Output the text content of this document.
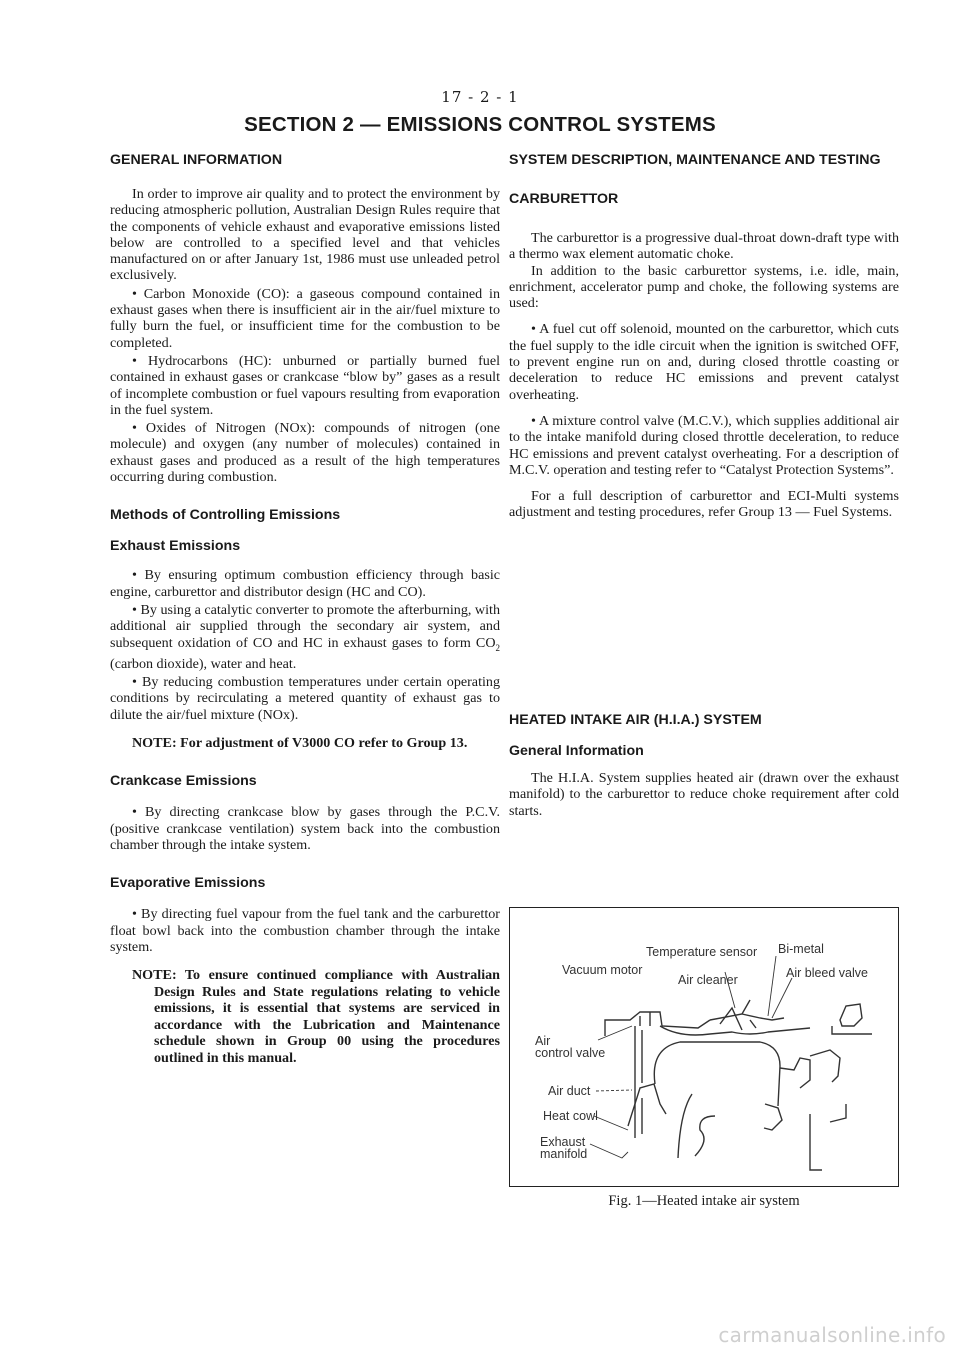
17 - 2 - 1
SECTION 2 — EMISSIONS CONTROL SYSTEMS
GENERAL INFORMATION

In order to improve air quality and to protect the environment by reducing atmospheric pollution, Australian Design Rules require that the components of vehicle exhaust and evaporative emissions listed below are controlled to a specified level and that vehicles manufactured on or after January 1st, 1986 must use unleaded petrol exclusively.

• Carbon Monoxide (CO): a gaseous compound contained in exhaust gases when there is insufficient air in the air/fuel mixture to fully burn the fuel, or insufficient time for the combustion to be completed.

• Hydrocarbons (HC): unburned or partially burned fuel contained in exhaust gases or crankcase “blow by” gases as a result of incomplete combustion or fuel vapours resulting from evaporation in the fuel system.

• Oxides of Nitrogen (NOx): compounds of nitrogen (one molecule) and oxygen (any number of molecules) contained in exhaust gases and produced as a result of the high temperatures occurring during combustion.

Methods of Controlling Emissions
Exhaust Emissions

• By ensuring optimum combustion efficiency through basic engine, carburettor and distributor design (HC and CO).

• By using a catalytic converter to promote the afterburning, with additional air supplied through the secondary air system, and subsequent oxidation of CO and HC in exhaust gases to form $CO_2$ (carbon dioxide), water and heat.

• By reducing combustion temperatures under certain operating conditions by recirculating a metered quantity of exhaust gas to dilute the air/fuel mixture (NOx).

NOTE: For adjustment of V3000 CO refer to Group 13.

Crankcase Emissions

• By directing crankcase blow by gases through the P.C.V. (positive crankcase ventilation) system back into the combustion chamber through the intake system.

Evaporative Emissions

• By directing fuel vapour from the fuel tank and the carburettor float bowl back into the combustion chamber through the intake system.

NOTE: To ensure continued compliance with Australian Design Rules and State regulations relating to vehicle emissions, it is essential that systems are serviced in accordance with the Lubrication and Maintenance schedule shown in Group 00 using the procedures outlined in this manual.

SYSTEM DESCRIPTION, MAINTENANCE AND TESTING
CARBURETTOR

The carburettor is a progressive dual-throat down-draft type with a thermo wax element automatic choke.

In addition to the basic carburettor systems, i.e. idle, main, enrichment, accelerator pump and choke, the following systems are used:

• A fuel cut off solenoid, mounted on the carburettor, which cuts the fuel supply to the idle circuit when the ignition is switched OFF, to prevent engine run on and, during closed throttle coasting or deceleration to reduce HC emissions and prevent catalyst overheating.

• A mixture control valve (M.C.V.), which supplies additional air to the intake manifold during closed throttle deceleration, to reduce HC emissions and prevent catalyst overheating. For a description of M.C.V. operation and testing refer to “Catalyst Protection Systems”.

For a full description of carburettor and ECI-Multi systems adjustment and testing procedures, refer Group 13 — Fuel Systems.

HEATED INTAKE AIR (H.I.A.) SYSTEM
General Information

The H.I.A. System supplies heated air (drawn over the exhaust manifold) to the carburettor to reduce choke requirement after cold starts.

Temperature sensor Bi-metal
Vacuum motor
Air cleaner	Air bleed valve
Air
control valve
Air duct
Heat cowl
Exhaust
manifold
Fig. 1—Heated intake air system
carmanualsonline.info
